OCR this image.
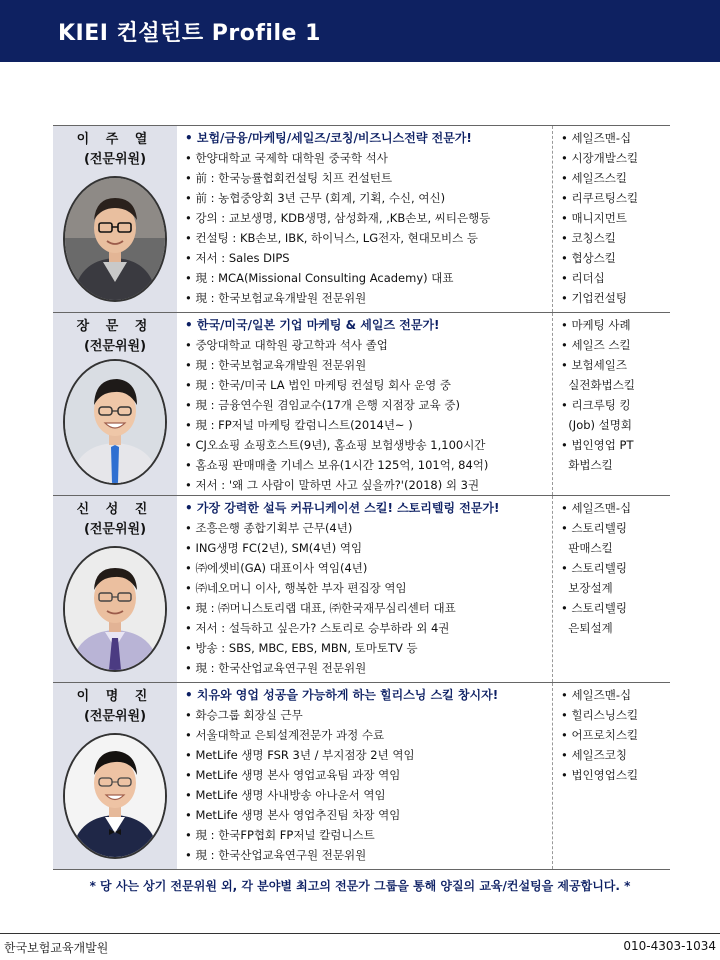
KIEI 컨설턴트 Profile 1
이 주 열
(전문위원)
• 보험/금융/마케팅/세일즈/코칭/비즈니스전략 전문가!
• 한양대학교 국제학 대학원 중국학 석사
• 前 : 한국능률협회컨설팅 치프 컨설턴트
• 前 : 농협중앙회 3년 근무 (회계, 기획, 수신, 여신)
• 강의 : 교보생명, KDB생명, 삼성화재, ,KB손보, 씨티은행등
• 컨설팅 : KB손보, IBK, 하이닉스, LG전자, 현대모비스 등
• 저서 : Sales DIPS
• 現 : MCA(Missional Consulting Academy) 대표
• 現 : 한국보험교육개발원 전문위원
• 세일즈맨-십
• 시장개발스킬
• 세일즈스킬
• 리쿠르팅스킬
• 매니지먼트
• 코칭스킬
• 협상스킬
• 리더십
• 기업컨설팅
장 문 정
(전문위원)
• 한국/미국/일본 기업 마케팅 & 세일즈 전문가!
• 중앙대학교 대학원 광고학과 석사 졸업
• 現 : 한국보험교육개발원 전문위원
• 現 : 한국/미국 LA 법인 마케팅 컨설팅 회사 운영 중
• 現 : 금융연수원 겸임교수(17개 은행 지점장 교육 중)
• 現 : FP저널 마케팅 칼럼니스트(2014년~ )
• CJ오쇼핑 쇼핑호스트(9년), 홈쇼핑 보험생방송 1,100시간
• 홈쇼핑 판매매출 기네스 보유(1시간 125억, 101억, 84억)
• 저서 : '왜 그 사람이 말하면 사고 싶을까?'(2018) 외 3권
• 마케팅 사례
• 세일즈 스킬
• 보험세일즈
실전화법스킬
• 리크루팅 킹
(Job) 설명회
• 법인영업 PT
화법스킬
신 성 진
(전문위원)
• 가장 강력한 설득 커뮤니케이션 스킬! 스토리텔링 전문가!
• 조흥은행 종합기획부 근무(4년)
• ING생명 FC(2년), SM(4년) 역임
• ㈜에셋비(GA) 대표이사 역임(4년)
• ㈜네오머니 이사, 행복한 부자 편집장 역임
• 現 : ㈜머니스토리랩 대표, ㈜한국재무심리센터 대표
• 저서 : 설득하고 싶은가? 스토리로 승부하라 외 4권
• 방송 : SBS, MBC, EBS, MBN, 토마토TV 등
• 現 : 한국산업교육연구원 전문위원
• 세일즈맨-십
• 스토리텔링
판매스킬
• 스토리텔링
보장설계
• 스토리텔링
은퇴설계
이 명 진
(전문위원)
• 치유와 영업 성공을 가능하게 하는 힐리스닝 스킬 창시자!
• 화승그룹 회장실 근무
• 서울대학교 은퇴설계전문가 과정 수료
• MetLife 생명 FSR 3년 / 부지점장 2년 역임
• MetLife 생명 본사 영업교육팀 과장 역임
• MetLife 생명 사내방송 아나운서 역임
• MetLife 생명 본사 영업추진팀 차장 역임
• 現 : 한국FP협회 FP저널 칼럼니스트
• 現 : 한국산업교육연구원 전문위원
• 세일즈맨-십
• 힐리스닝스킬
• 어프로치스킬
• 세일즈코칭
• 법인영업스킬
* 당 사는 상기 전문위원 외, 각 분야별 최고의 전문가 그룹을 통해 양질의 교육/컨설팅을 제공합니다. *
한국보험교육개발원	010-4303-1034
